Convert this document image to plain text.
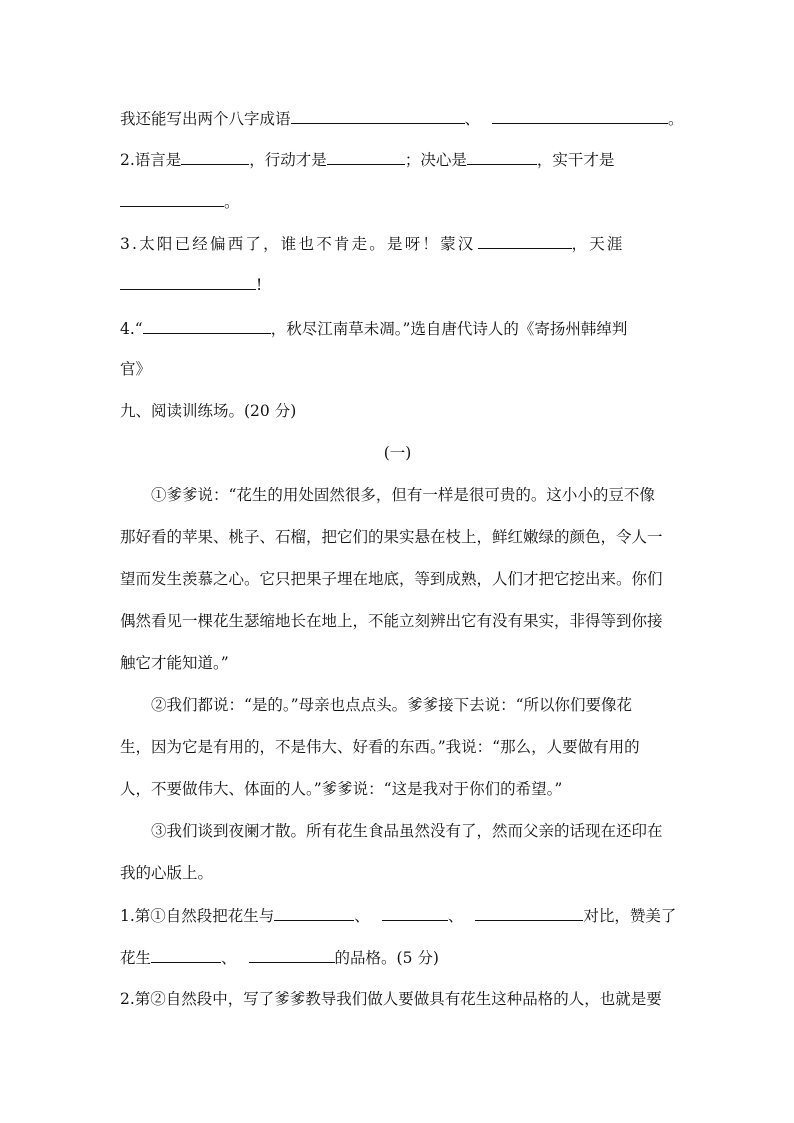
我还能写出两个八字成语	、	。
2.语言是	，行动才是	；决心是	，实干才是
。
3.太阳已经偏西了，谁也不肯走。是呀！蒙汉	，天涯
!
4.“	，秋尽江南草未凋。”选自唐代诗人的《寄扬州韩绰判
官》
九、阅读训练场。(20 分)
(一)
①爹爹说：“花生的用处固然很多，但有一样是很可贵的。这小小的豆不像
那好看的苹果、桃子、石榴，把它们的果实悬在枝上，鲜红嫩绿的颜色，令人一
望而发生羡慕之心。它只把果子埋在地底，等到成熟，人们才把它挖出来。你们
偶然看见一棵花生瑟缩地长在地上，不能立刻辨出它有没有果实，非得等到你接
触它才能知道。”
②我们都说：“是的。”母亲也点点头。爹爹接下去说：“所以你们要像花
生，因为它是有用的，不是伟大、好看的东西。”我说：“那么，人要做有用的
人，不要做伟大、体面的人。”爹爹说：“这是我对于你们的希望。”
③我们谈到夜阑才散。所有花生食品虽然没有了，然而父亲的话现在还印在
我的心版上。
1.第①自然段把花生与	、	、	对比，赞美了
花生	、	的品格。(5 分)
2.第②自然段中，写了爹爹教导我们做人要做具有花生这种品格的人，也就是要
